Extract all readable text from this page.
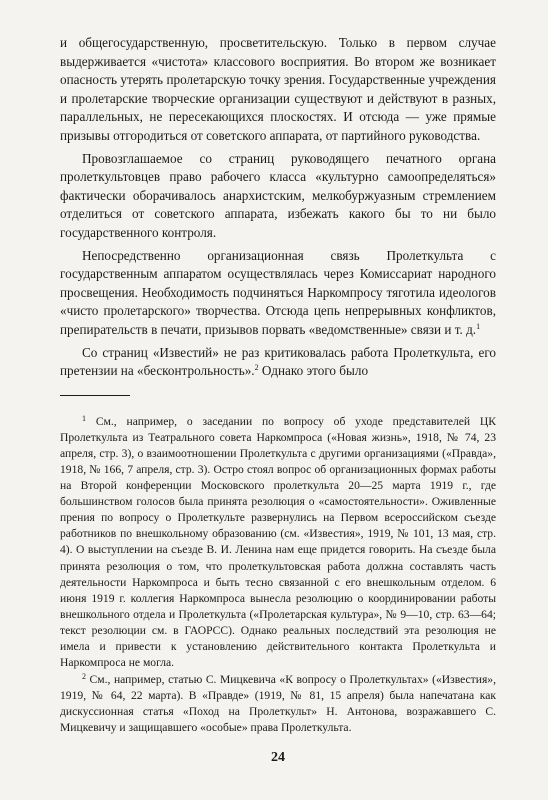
и общегосударственную, просветительскую. Только в первом случае выдерживается «чистота» классового восприятия. Во втором же возникает опасность утерять пролетарскую точку зрения. Государственные учреждения и пролетарские творческие организации существуют и действуют в разных, параллельных, не пересекающихся плоскостях. И отсюда — уже прямые призывы отгородиться от советского аппарата, от партийного руководства.

Провозглашаемое со страниц руководящего печатного органа пролеткультовцев право рабочего класса «культурно самоопределяться» фактически оборачивалось анархистским, мелкобуржуазным стремлением отделиться от советского аппарата, избежать какого бы то ни было государственного контроля.

Непосредственно организационная связь Пролеткульта с государственным аппаратом осуществлялась через Комиссариат народного просвещения. Необходимость подчиняться Наркомпросу тяготила идеологов «чисто пролетарского» творчества. Отсюда цепь непрерывных конфликтов, препирательств в печати, призывов порвать «ведомственные» связи и т. д.$^1$

Со страниц «Известий» не раз критиковалась работа Пролеткульта, его претензии на «бесконтрольность».$^2$ Однако этого было

$^1$ См., например, о заседании по вопросу об уходе представителей ЦК Пролеткульта из Театрального совета Наркомпроса («Новая жизнь», 1918, № 74, 23 апреля, стр. 3), о взаимоотношении Пролеткульта с другими организациями («Правда», 1918, № 166, 7 апреля, стр. 3). Остро стоял вопрос об организационных формах работы на Второй конференции Московского пролеткульта 20—25 марта 1919 г., где большинством голосов была принята резолюция о «самостоятельности». Оживленные прения по вопросу о Пролеткульте развернулись на Первом всероссийском съезде работников по внешкольному образованию (см. «Известия», 1919, № 101, 13 мая, стр. 4). О выступлении на съезде В. И. Ленина нам еще придется говорить. На съезде была принята резолюция о том, что пролеткультовская работа должна составлять часть деятельности Наркомпроса и быть тесно связанной с его внешкольным отделом. 6 июня 1919 г. коллегия Наркомпроса вынесла резолюцию о координировании работы внешкольного отдела и Пролеткульта («Пролетарская культура», № 9—10, стр. 63—64; текст резолюции см. в ГАОРСС). Однако реальных последствий эта резолюция не имела и привести к установлению действительного контакта Пролеткульта и Наркомпроса не могла.

$^2$ См., например, статью С. Мицкевича «К вопросу о Пролеткультах» («Известия», 1919, № 64, 22 марта). В «Правде» (1919, № 81, 15 апреля) была напечатана как дискуссионная статья «Поход на Пролеткульт» Н. Антонова, возражавшего С. Мицкевичу и защищавшего «особые» права Пролеткульта.

24
